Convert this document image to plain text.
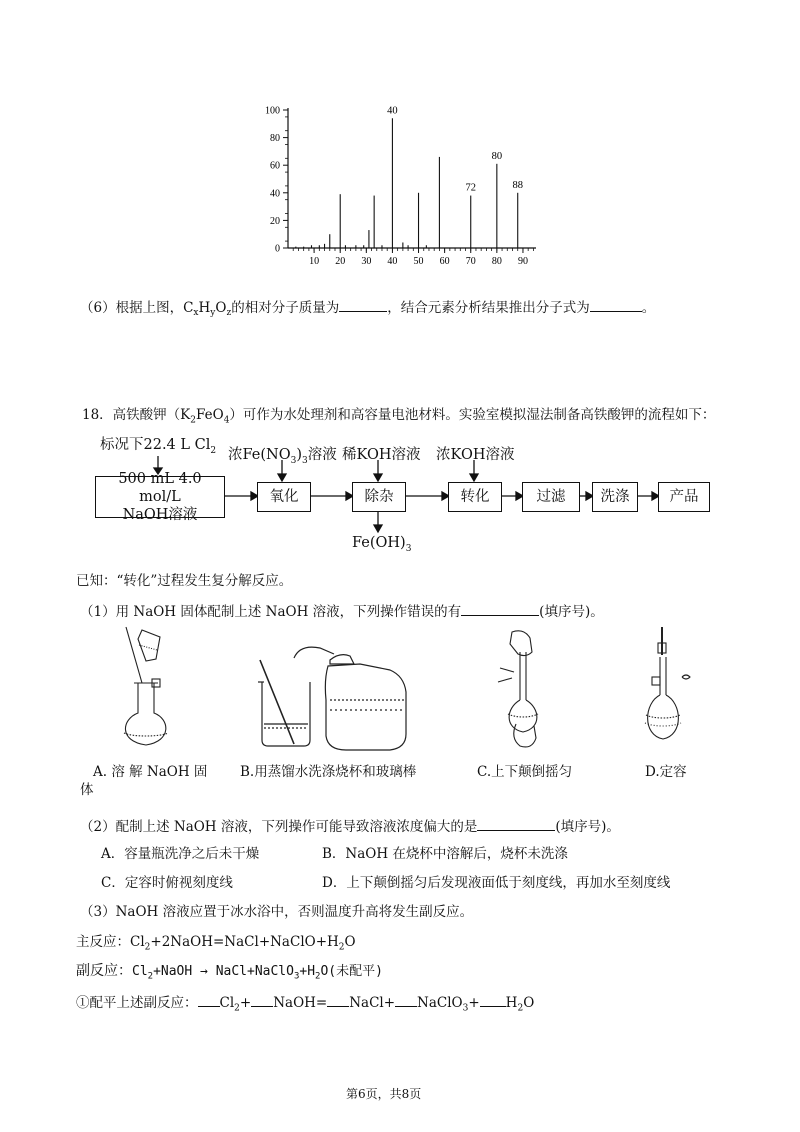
100
80
60
40
20
0
10 20 30 40 50 60 70 80 90
40
72
80
88
（6）根据上图，$C_xH_yO_z$的相对分子质量为	，结合元素分析结果推出分子式为	。
18．高铁酸钾$(K_2FeO_4)$可作为水处理剂和高容量电池材料。实验室模拟湿法制备高铁酸钾的流程如下：
标况下22.4 L $Cl_2$ 浓$Fe(NO_3)_3$溶液 稀KOH溶液 浓KOH溶液
500 mL 4.0 mol/L
NaOH溶液
氧化	除杂	转化	过滤	洗涤	产品
$Fe(OH)_3$
已知：“转化”过程发生复分解反应。
（1）用 NaOH 固体配制上述 NaOH 溶液，下列操作错误的有	(填序号)。
A. 溶 解 NaOH 固
体
B.用蒸馏水洗涤烧杯和玻璃棒	C.上下颠倒摇匀	D.定容
（2）配制上述 NaOH 溶液，下列操作可能导致溶液浓度偏大的是	(填序号)。
A．容量瓶洗净之后未干燥	B．NaOH 在烧杯中溶解后，烧杯未洗涤
C．定容时俯视刻度线	D．上下颠倒摇匀后发现液面低于刻度线，再加水至刻度线
（3）NaOH 溶液应置于冰水浴中，否则温度升高将发生副反应。
主反应：$Cl_2+2NaOH=NaCl+NaClO+H_2O$
副反应：$Cl_2+NaOH$ → $NaCl+NaClO_3+H_2O$(未配平)
①配平上述副反应： $Cl_2+$ NaOH= NaCl+ NaClO$_3$+ $H_2O$
第6页，共8页
